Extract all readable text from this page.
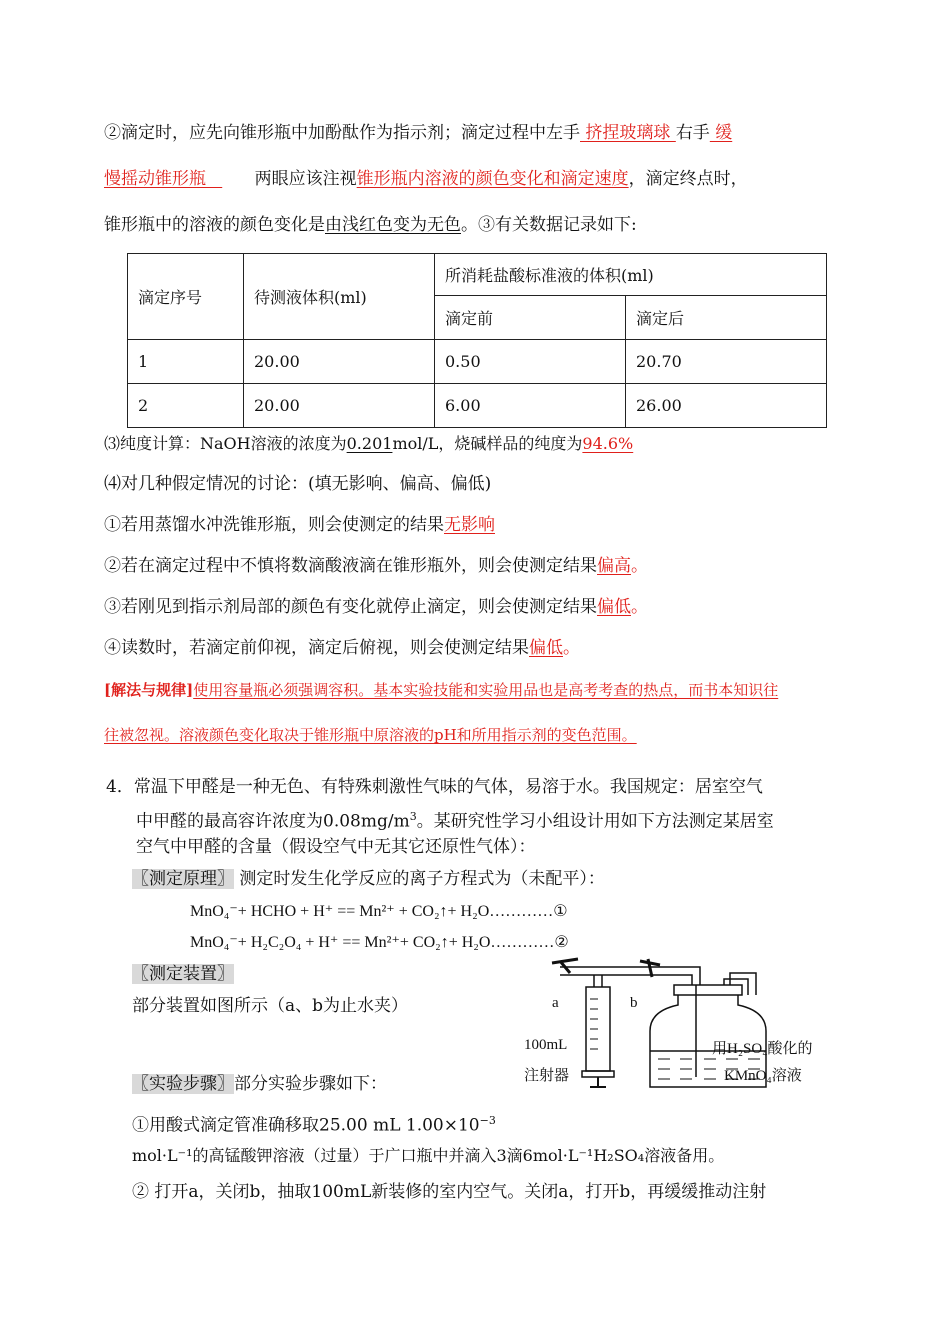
②滴定时，应先向锥形瓶中加酚酞作为指示剂；滴定过程中左手 挤捏玻璃球 右手 缓
慢摇动锥形瓶         两眼应该注视锥形瓶内溶液的颜色变化和滴定速度，滴定终点时，
锥形瓶中的溶液的颜色变化是由浅红色变为无色。③有关数据记录如下:
滴定序号	待测液体积(ml)	所消耗盐酸标准液的体积(ml)	
		滴定前	滴定后
1	20.00	0.50	20.70
2	20.00	6.00	26.00
⑶纯度计算：NaOH溶液的浓度为0.201mol/L，烧碱样品的纯度为94.6%
⑷对几种假定情况的讨论：(填无影响、偏高、偏低)
①若用蒸馏水冲洗锥形瓶，则会使测定的结果无影响
②若在滴定过程中不慎将数滴酸液滴在锥形瓶外，则会使测定结果偏高。
③若刚见到指示剂局部的颜色有变化就停止滴定，则会使测定结果偏低。
④读数时，若滴定前仰视，滴定后俯视，则会使测定结果偏低。
[解法与规律]使用容量瓶必须强调容积。基本实验技能和实验用品也是高考考查的热点，而书本知识往
往被忽视。溶液颜色变化取决于锥形瓶中原溶液的pH和所用指示剂的变色范围。
4．常温下甲醛是一种无色、有特殊刺激性气味的气体，易溶于水。我国规定：居室空气
中甲醛的最高容许浓度为$0.08mg/m^3$。某研究性学习小组设计用如下方法测定某居室
空气中甲醛的含量（假设空气中无其它还原性气体）：
〖测定原理〗 测定时发生化学反应的离子方程式为（未配平）：
MnO₄⁻+ HCHO + H⁺ == Mn²⁺ + CO₂↑+ H₂O…………①
MnO₄⁻+ H₂C₂O₄ + H⁺ == Mn²⁺+ CO₂↑+ H₂O…………②
〖测定装置〗
部分装置如图所示（a、b为止水夹）
〖实验步骤〗部分实验步骤如下：
①用酸式滴定管准确移取25.00 mL $1.00\times 10^{-3}$
mol·L⁻¹的高锰酸钾溶液（过量）于广口瓶中并滴入3滴6mol·L⁻¹H₂SO₄溶液备用。
② 打开a，关闭b，抽取100mL新装修的室内空气。关闭a，打开b，再缓缓推动注射
a	b
100mL
注射器
用H₂SO₄酸化的
KMnO₄溶液
